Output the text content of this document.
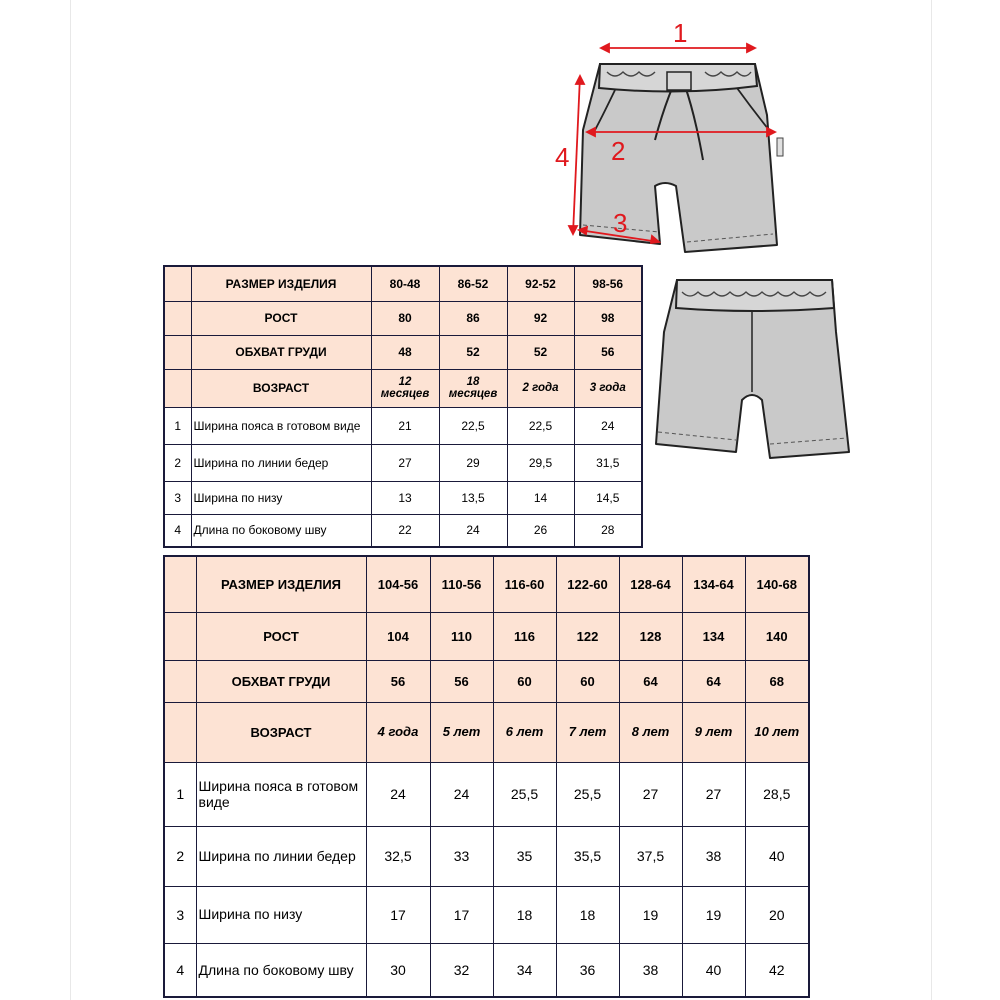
1
2
3
4
	РАЗМЕР ИЗДЕЛИЯ	80-48	86-52	92-52	98-56
	РОСТ	80	86	92	98
	ОБХВАТ ГРУДИ	48	52	52	56
	ВОЗРАСТ	12 месяцев	18 месяцев	2 года	3 года
1	Ширина пояса в готовом виде	21	22,5	22,5	24
2	Ширина по линии бедер	27	29	29,5	31,5
3	Ширина по низу	13	13,5	14	14,5
4	Длина по боковому шву	22	24	26	28
	РАЗМЕР ИЗДЕЛИЯ	104-56	110-56	116-60	122-60	128-64	134-64	140-68
	РОСТ	104	110	116	122	128	134	140
	ОБХВАТ ГРУДИ	56	56	60	60	64	64	68
	ВОЗРАСТ	4 года	5 лет	6 лет	7 лет	8 лет	9 лет	10 лет
1	Ширина пояса в готовом виде	24	24	25,5	25,5	27	27	28,5
2	Ширина по линии бедер	32,5	33	35	35,5	37,5	38	40
3	Ширина по низу	17	17	18	18	19	19	20
4	Длина по боковому шву	30	32	34	36	38	40	42
